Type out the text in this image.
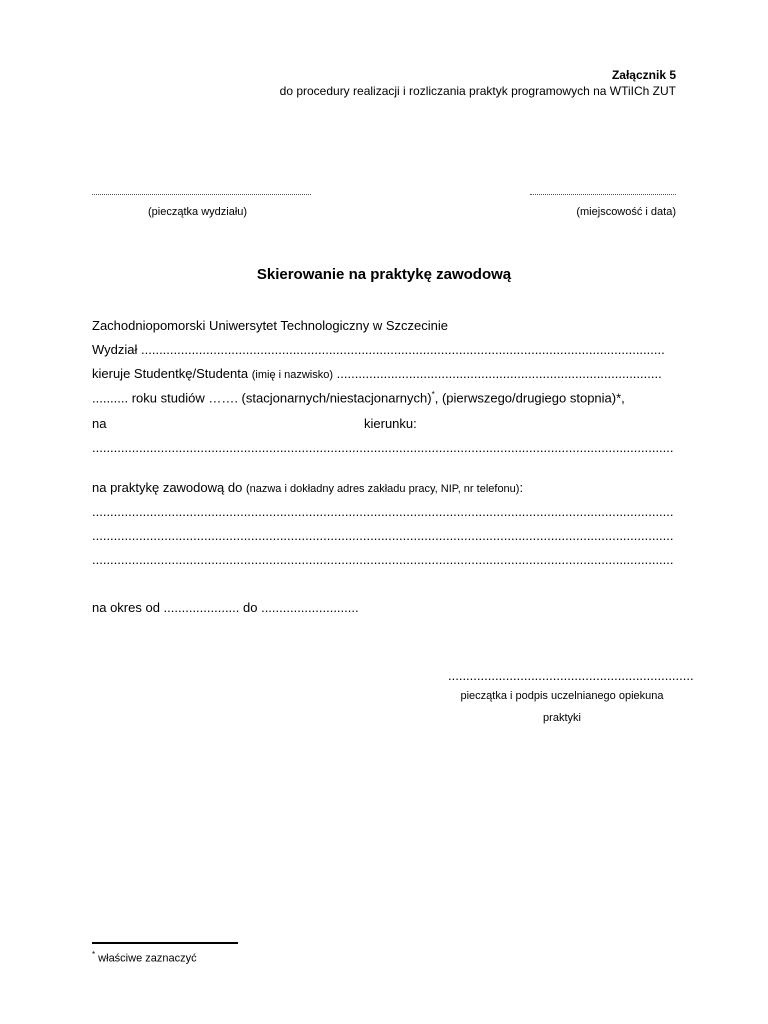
Załącznik 5
do procedury realizacji i rozliczania praktyk programowych na WTiICh ZUT
(pieczątka wydziału)	(miejscowość i data)
Skierowanie na praktykę zawodową
Zachodniopomorski Uniwersytet Technologiczny w Szczecinie
Wydział .................................................................................................................................................
kieruje Studentkę/Studenta (imię i nazwisko) ..........................................................................................
.......... roku studiów ……. (stacjonarnych/niestacjonarnych)*, (pierwszego/drugiego stopnia)*,
na	kierunku:
.................................................................................................................................................................
na praktykę zawodową do (nazwa i dokładny adres zakładu pracy, NIP, nr telefonu):
.................................................................................................................................................................
.................................................................................................................................................................
.................................................................................................................................................................
na okres od ..................... do ...........................
....................................................................
pieczątka i podpis uczelnianego opiekuna
praktyki
* właściwe zaznaczyć
